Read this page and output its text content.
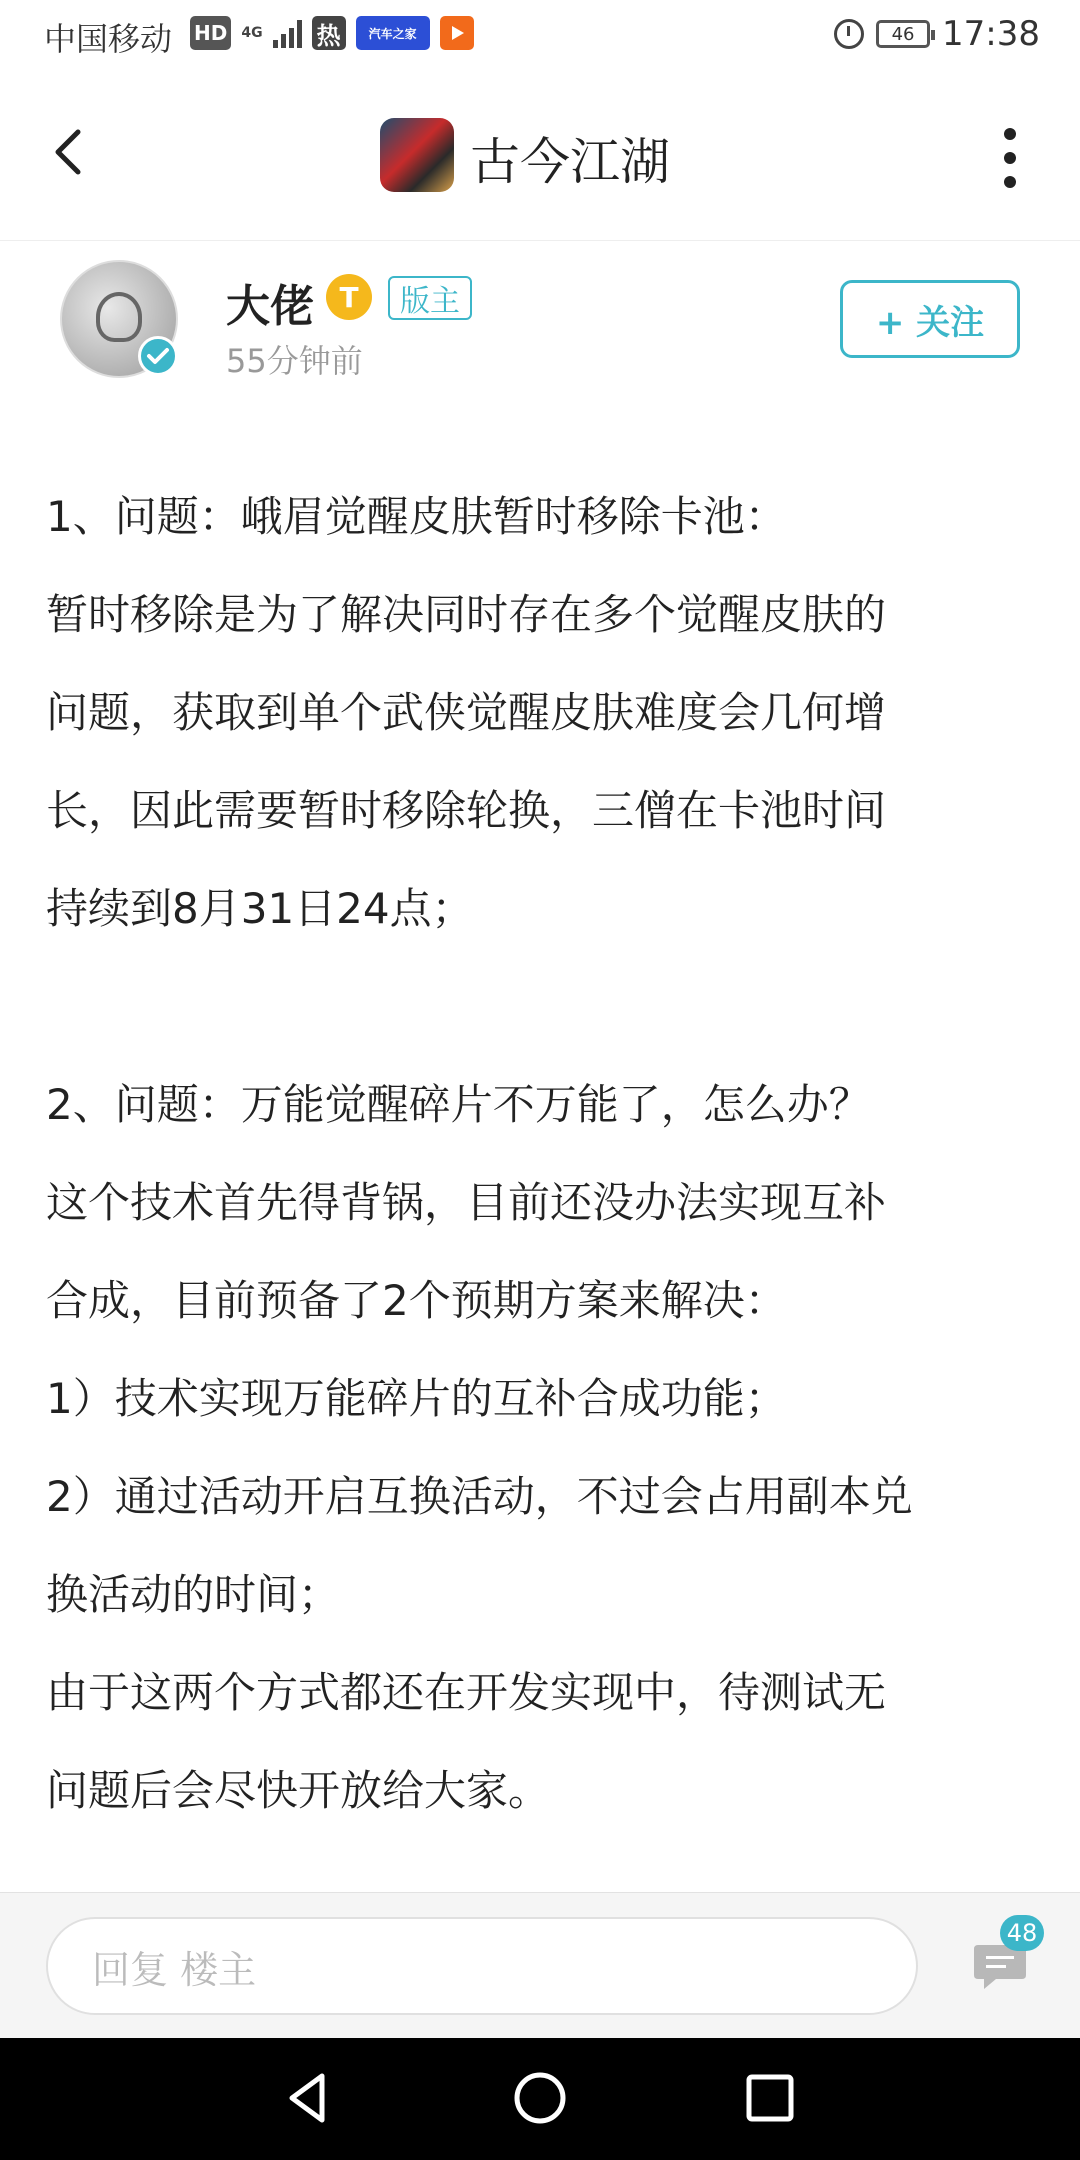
中国移动 HD 4G 热	汽车之家	46 17:38
古今江湖
大佬 T	版主
55分钟前
+ 关注

1、问题：峨眉觉醒皮肤暂时移除卡池：

暂时移除是为了解决同时存在多个觉醒皮肤的

问题，获取到单个武侠觉醒皮肤难度会几何增

长，因此需要暂时移除轮换，三僧在卡池时间

持续到8月31日24点；

2、问题：万能觉醒碎片不万能了，怎么办？

这个技术首先得背锅，目前还没办法实现互补

合成，目前预备了2个预期方案来解决：

1）技术实现万能碎片的互补合成功能；

2）通过活动开启互换活动，不过会占用副本兑

换活动的时间；

由于这两个方式都还在开发实现中，待测试无

问题后会尽快开放给大家。

回复 楼主
48
